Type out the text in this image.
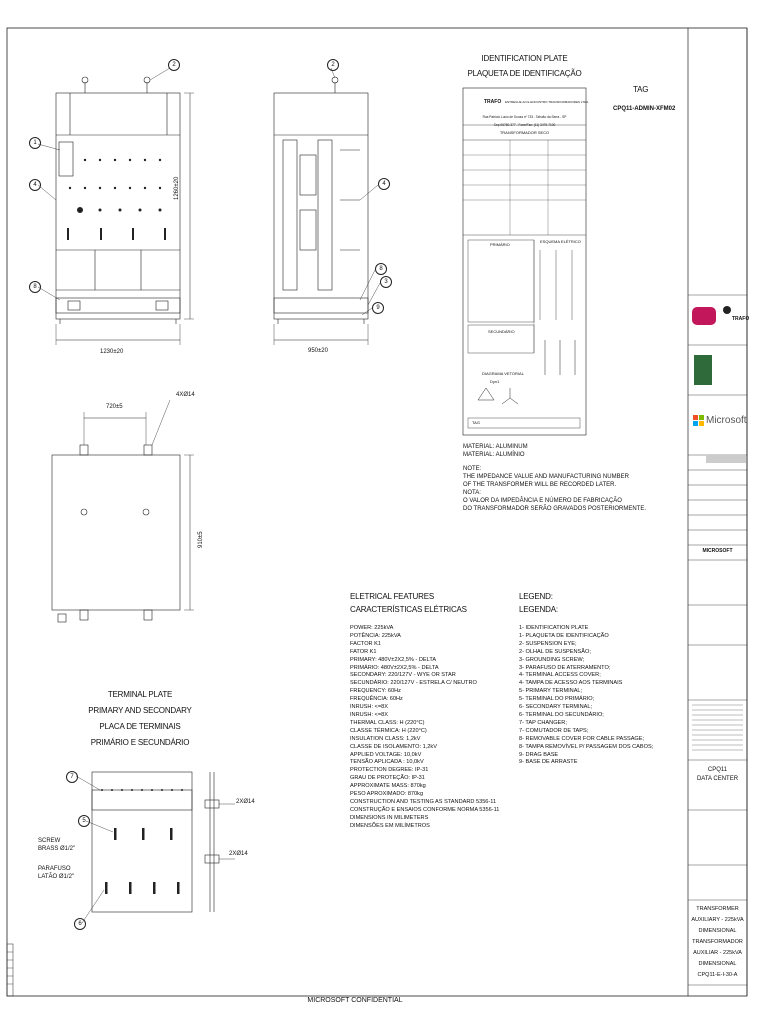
1
2	2
4
8
4
8
3
9
7
5
6
1260±20
1230±20	950±20
720±5
4XØ14
910±5
2XØ14
2XØ14
TERMINAL PLATE
PRIMARY AND SECONDARY
PLACA DE TERMINAIS
PRIMÁRIO E SECUNDÁRIO
SCREW
BRASS Ø1/2"
PARAFUSO
LATÃO Ø1/2"
IDENTIFICATION PLATE
PLAQUETA DE IDENTIFICAÇÃO
TRAFO ENTREGUE AO E ENCONTRO TRANSFORMADORES LTDA
Rua Patrício Lucio de Souza nº 733 - Tabuão da Serra - SP
Cep 06760-377 - Fone/Fax: (11) 3479-7100
TRANSFORMADOR SECO
PRIMÁRIO
ESQUEMA ELÉTRICO
SECUNDÁRIO
DIAGRAMA VETORIAL
Dyn1
TAG
TAG
CPQ11-ADMIN-XFM02
MATERIAL: ALUMINUM
MATERIAL: ALUMÍNIO
NOTE:
THE IMPEDANCE VALUE AND MANUFACTURING NUMBER
OF THE TRANSFORMER WILL BE RECORDED LATER.
NOTA:
O VALOR DA IMPEDÂNCIA E NÚMERO DE FABRICAÇÃO
DO TRANSFORMADOR SERÃO GRAVADOS POSTERIORMENTE.
ELETRICAL FEATURES
CARACTERÍSTICAS ELÉTRICAS
POWER: 225kVA
POTÊNCIA: 225kVA
FACTOR K1
FATOR K1
PRIMARY: 480V±2X2,5% - DELTA
PRIMÁRIO: 480V±2X2,5% - DELTA
SECONDARY: 220/127V - WYE OR STAR
SECUNDÁRIO: 220/127V - ESTRELA C/ NEUTRO
FREQUENCY: 60Hz
FREQUÊNCIA: 60Hz
INRUSH: <=8X
INRUSH: <=8X
THERMAL CLASS: H (220°C)
CLASSE TÉRMICA: H (220°C)
INSULATION CLASS: 1,2kV
CLASSE DE ISOLAMENTO: 1,2kV
APPLIED VOLTAGE: 10,0kV
TENSÃO APLICADA : 10,0kV
PROTECTION DEGREE: IP-31
GRAU DE PROTEÇÃO: IP-31
APPROXIMATE MASS: 870kg
PESO APROXIMADO: 870kg
CONSTRUCTION AND TESTING AS STANDARD 5356-11
CONSTRUÇÃO E ENSAIOS CONFORME NORMA 5356-11
DIMENSIONS IN MILIMETERS
DIMENSÕES EM MILÍMETROS
LEGEND:
LEGENDA:
1- IDENTIFICATION PLATE
1- PLAQUETA DE IDENTIFICAÇÃO
2- SUSPENSION EYE;
2- OLHAL DE SUSPENSÃO;
3- GROUNDING SCREW;
3- PARAFUSO DE ATERRAMENTO;
4- TERMINAL ACCESS COVER;
4- TAMPA DE ACESSO AOS TERMINAIS
5- PRIMARY TERMINAL;
5- TERMINAL DO PRIMÁRIO;
6- SECONDARY TERMINAL;
6- TERMINAL DO SECUNDÁRIO;
7- TAP CHANGER;
7- COMUTADOR DE TAPS;
8- REMOVABLE COVER FOR CABLE PASSAGE;
8- TAMPA REMOVÍVEL P/ PASSAGEM DOS CABOS;
9- DRAG BASE
9- BASE DE ARRASTE
TRAFO
Microsoft
MICROSOFT
CPQ11
DATA CENTER
TRANSFORMER
AUXILIARY - 225kVA
DIMENSIONAL
TRANSFORMADOR
AUXILIAR - 225kVA
DIMENSIONAL
CPQ11-E-I-30-A
MICROSOFT CONFIDENTIAL
